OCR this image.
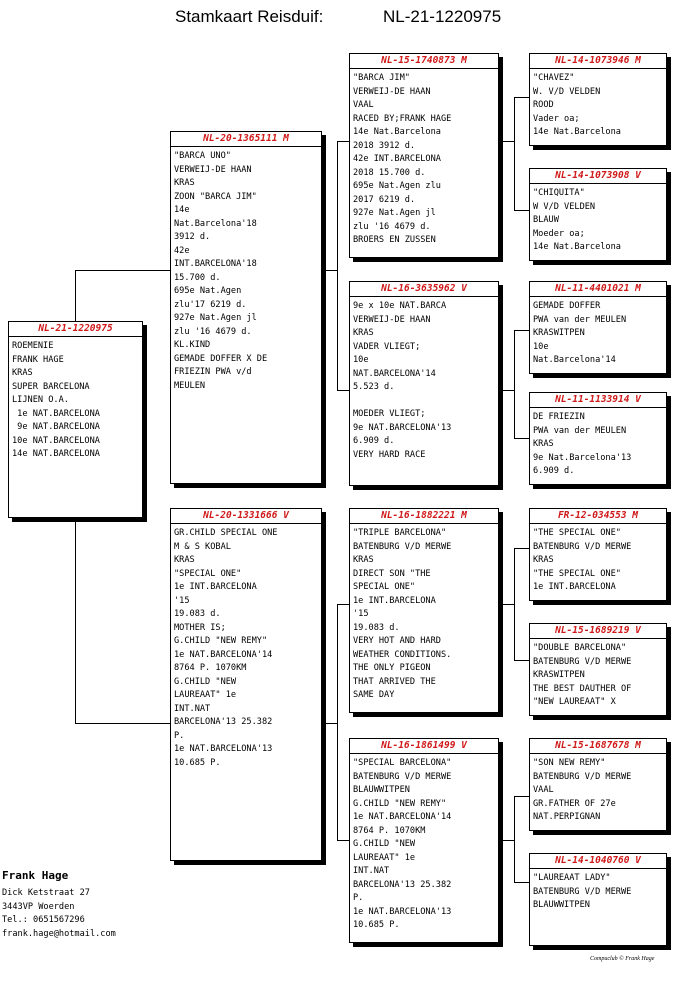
Stamkaart Reisduif:	NL-21-1220975
NL-21-1220975
ROEMENIE
FRANK HAGE
KRAS
SUPER BARCELONA
LIJNEN O.A.
1e NAT.BARCELONA
9e NAT.BARCELONA
10e NAT.BARCELONA
14e NAT.BARCELONA
NL-20-1365111 M
"BARCA UNO"
VERWEIJ-DE HAAN
KRAS
ZOON "BARCA JIM"
14e
Nat.Barcelona'18
3912 d.
42e
INT.BARCELONA'18
15.700 d.
695e Nat.Agen
zlu'17 6219 d.
927e Nat.Agen jl
zlu '16 4679 d.
KL.KIND
GEMADE DOFFER X DE
FRIEZIN PWA v/d
MEULEN
NL-20-1331666 V
GR.CHILD SPECIAL ONE
M & S KOBAL
KRAS
"SPECIAL ONE"
1e INT.BARCELONA
'15
19.083 d.
MOTHER IS;
G.CHILD "NEW REMY"
1e NAT.BARCELONA'14
8764 P. 1070KM
G.CHILD "NEW
LAUREAAT" 1e
INT.NAT
BARCELONA'13 25.382
P.
1e NAT.BARCELONA'13
10.685 P.
NL-15-1740873 M
"BARCA JIM"
VERWEIJ-DE HAAN
VAAL
RACED BY;FRANK HAGE
14e Nat.Barcelona
2018 3912 d.
42e INT.BARCELONA
2018 15.700 d.
695e Nat.Agen zlu
2017 6219 d.
927e Nat.Agen jl
zlu '16 4679 d.
BROERS EN ZUSSEN
NL-16-3635962 V
9e x 10e NAT.BARCA
VERWEIJ-DE HAAN
KRAS
VADER VLIEGT;
10e
NAT.BARCELONA'14
5.523 d.

MOEDER VLIEGT;
9e NAT.BARCELONA'13
6.909 d.
VERY HARD RACE
NL-16-1882221 M
"TRIPLE BARCELONA"
BATENBURG V/D MERWE
KRAS
DIRECT SON "THE
SPECIAL ONE"
1e INT.BARCELONA
'15
19.083 d.
VERY HOT AND HARD
WEATHER CONDITIONS.
THE ONLY PIGEON
THAT ARRIVED THE
SAME DAY
NL-16-1861499 V
"SPECIAL BARCELONA"
BATENBURG V/D MERWE
BLAUWWITPEN
G.CHILD "NEW REMY"
1e NAT.BARCELONA'14
8764 P. 1070KM
G.CHILD "NEW
LAUREAAT" 1e
INT.NAT
BARCELONA'13 25.382
P.
1e NAT.BARCELONA'13
10.685 P.
NL-14-1073946 M
"CHAVEZ"
W. V/D VELDEN
ROOD
Vader oa;
14e Nat.Barcelona
NL-14-1073908 V
"CHIQUITA"
W V/D VELDEN
BLAUW
Moeder oa;
14e Nat.Barcelona
NL-11-4401021 M
GEMADE DOFFER
PWA van der MEULEN
KRASWITPEN
10e
Nat.Barcelona'14
NL-11-1133914 V
DE FRIEZIN
PWA van der MEULEN
KRAS
9e Nat.Barcelona'13
6.909 d.
FR-12-034553 M
"THE SPECIAL ONE"
BATENBURG V/D MERWE
KRAS
"THE SPECIAL ONE"
1e INT.BARCELONA
NL-15-1689219 V
"DOUBLE BARCELONA"
BATENBURG V/D MERWE
KRASWITPEN
THE BEST DAUTHER OF
"NEW LAUREAAT" X
NL-15-1687678 M
"SON NEW REMY"
BATENBURG V/D MERWE
VAAL
GR.FATHER OF 27e
NAT.PERPIGNAN
NL-14-1040760 V
"LAUREAAT LADY"
BATENBURG V/D MERWE
BLAUWWITPEN
Frank Hage
Dick Ketstraat 27
3443VP Woerden
Tel.: 0651567296
frank.hage@hotmail.com
Compuclub © Frank Hage
